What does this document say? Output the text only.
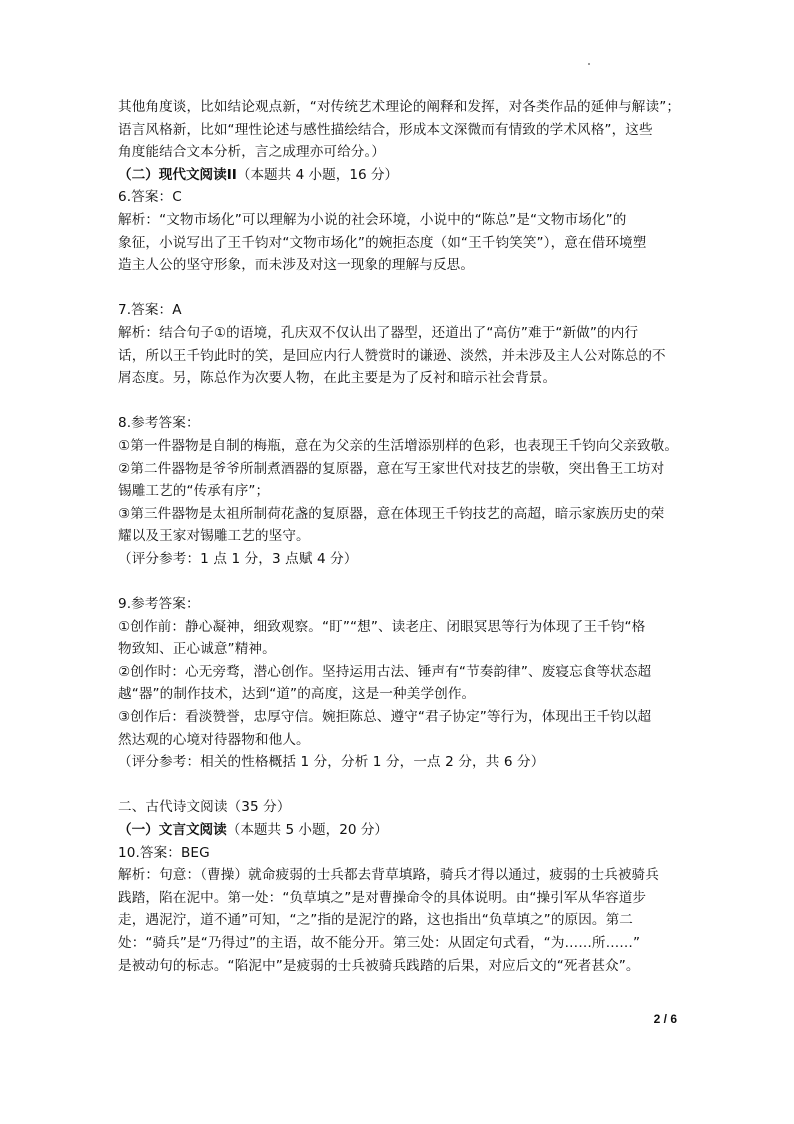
其他角度谈，比如结论观点新，“对传统艺术理论的阐释和发挥，对各类作品的延伸与解读”；
语言风格新，比如“理性论述与感性描绘结合，形成本文深微而有情致的学术风格”，这些
角度能结合文本分析，言之成理亦可给分。）
（二）现代文阅读II（本题共 4 小题，16 分）
6.答案：C
解析：“文物市场化”可以理解为小说的社会环境，小说中的“陈总”是“文物市场化”的
象征，小说写出了王千钧对“文物市场化”的婉拒态度（如“王千钧笑笑”），意在借环境塑
造主人公的坚守形象，而未涉及对这一现象的理解与反思。
7.答案：A
解析：结合句子①的语境，孔庆双不仅认出了器型，还道出了“高仿”难于“新做”的内行
话，所以王千钧此时的笑，是回应内行人赞赏时的谦逊、淡然，并未涉及主人公对陈总的不
屑态度。另，陈总作为次要人物，在此主要是为了反衬和暗示社会背景。
8.参考答案：
①第一件器物是自制的梅瓶，意在为父亲的生活增添别样的色彩，也表现王千钧向父亲致敬。
②第二件器物是爷爷所制煮酒器的复原器，意在写王家世代对技艺的崇敬，突出鲁王工坊对
锡雕工艺的“传承有序”；
③第三件器物是太祖所制荷花盏的复原器，意在体现王千钧技艺的高超，暗示家族历史的荣
耀以及王家对锡雕工艺的坚守。
（评分参考：1 点 1 分，3 点赋 4 分）
9.参考答案：
①创作前：静心凝神，细致观察。“盯”“想”、读老庄、闭眼冥思等行为体现了王千钧“格
物致知、正心诚意”精神。
②创作时：心无旁骛，潜心创作。坚持运用古法、锤声有“节奏韵律”、废寝忘食等状态超
越“器”的制作技术，达到“道”的高度，这是一种美学创作。
③创作后：看淡赞誉，忠厚守信。婉拒陈总、遵守“君子协定”等行为，体现出王千钧以超
然达观的心境对待器物和他人。
（评分参考：相关的性格概括 1 分，分析 1 分，一点 2 分，共 6 分）
二、古代诗文阅读（35 分）
（一）文言文阅读（本题共 5 小题，20 分）
10.答案：BEG
解析：句意：（曹操）就命疲弱的士兵都去背草填路，骑兵才得以通过，疲弱的士兵被骑兵
践踏，陷在泥中。第一处：“负草填之”是对曹操命令的具体说明。由“操引军从华容道步
走，遇泥泞，道不通”可知，“之”指的是泥泞的路，这也指出“负草填之”的原因。第二
处：“骑兵”是“乃得过”的主语，故不能分开。第三处：从固定句式看，“为……所……”
是被动句的标志。“陷泥中”是疲弱的士兵被骑兵践踏的后果，对应后文的“死者甚众”。
2 / 6
